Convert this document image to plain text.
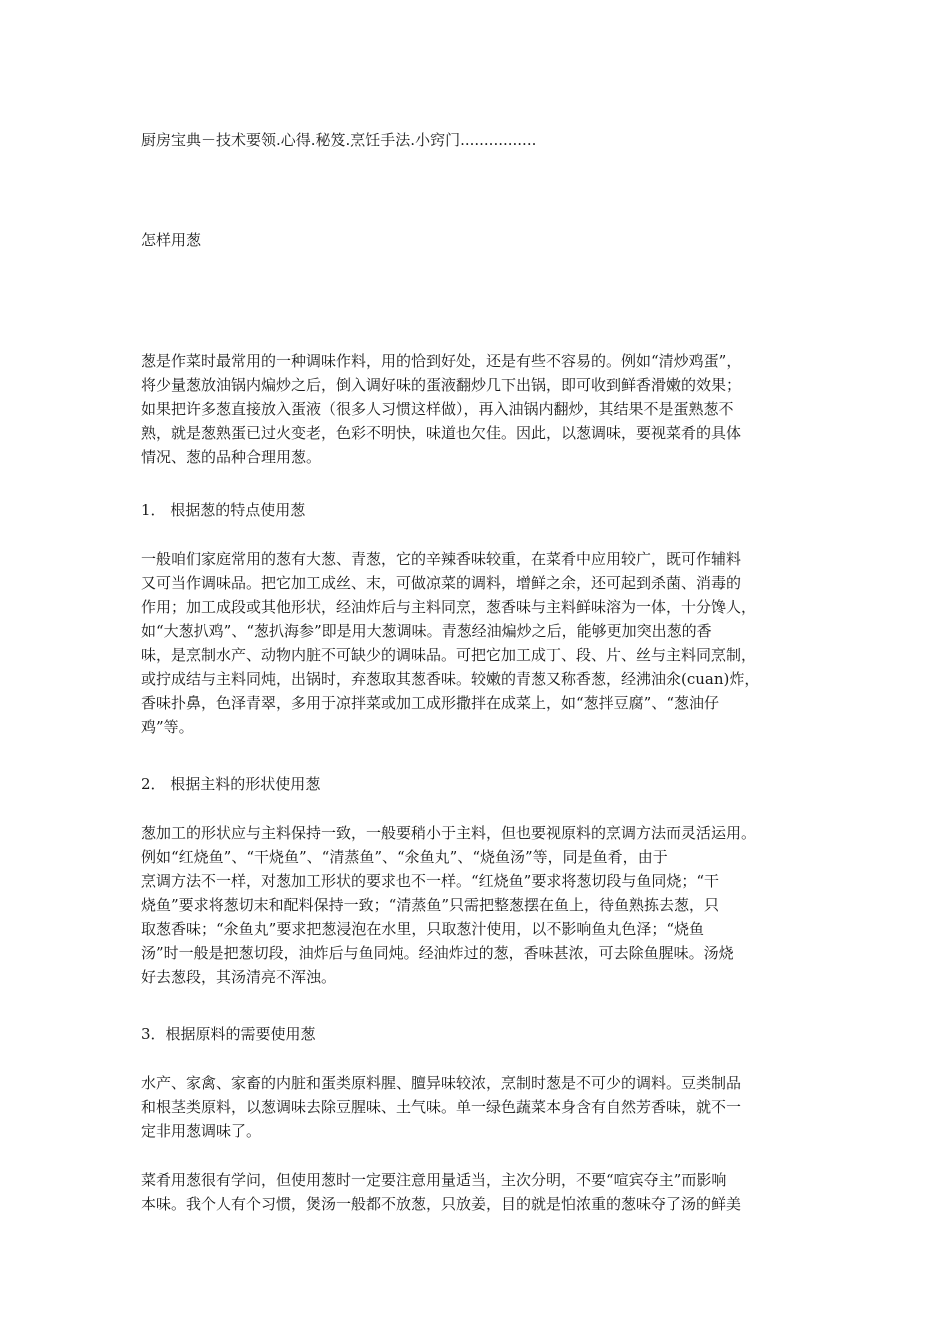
厨房宝典－技术要领.心得.秘笈.烹饪手法.小窍门................
怎样用葱
葱是作菜时最常用的一种调味作料，用的恰到好处，还是有些不容易的。例如“清炒鸡蛋”，
将少量葱放油锅内煸炒之后，倒入调好味的蛋液翻炒几下出锅，即可收到鲜香滑嫩的效果；
如果把许多葱直接放入蛋液（很多人习惯这样做），再入油锅内翻炒，其结果不是蛋熟葱不
熟，就是葱熟蛋已过火变老，色彩不明快，味道也欠佳。因此，以葱调味，要视菜肴的具体
情况、葱的品种合理用葱。
1． 根据葱的特点使用葱
一般咱们家庭常用的葱有大葱、青葱，它的辛辣香味较重，在菜肴中应用较广，既可作辅料
又可当作调味品。把它加工成丝、末，可做凉菜的调料，增鲜之余，还可起到杀菌、消毒的
作用；加工成段或其他形状，经油炸后与主料同烹，葱香味与主料鲜味溶为一体，十分馋人，
如“大葱扒鸡”、“葱扒海参”即是用大葱调味。青葱经油煸炒之后，能够更加突出葱的香
味，是烹制水产、动物内脏不可缺少的调味品。可把它加工成丁、段、片、丝与主料同烹制，
或拧成结与主料同炖，出锅时，弃葱取其葱香味。较嫩的青葱又称香葱，经沸油氽(cuan)炸，
香味扑鼻，色泽青翠，多用于凉拌菜或加工成形撒拌在成菜上，如“葱拌豆腐”、“葱油仔
鸡”等。
2． 根据主料的形状使用葱
葱加工的形状应与主料保持一致，一般要稍小于主料，但也要视原料的烹调方法而灵活运用。
例如“红烧鱼”、“干烧鱼”、“清蒸鱼”、“氽鱼丸”、“烧鱼汤”等，同是鱼肴，由于
烹调方法不一样，对葱加工形状的要求也不一样。“红烧鱼”要求将葱切段与鱼同烧；“干
烧鱼”要求将葱切末和配料保持一致；“清蒸鱼”只需把整葱摆在鱼上，待鱼熟拣去葱，只
取葱香味；“氽鱼丸”要求把葱浸泡在水里，只取葱汁使用，以不影响鱼丸色泽；“烧鱼
汤”时一般是把葱切段，油炸后与鱼同炖。经油炸过的葱，香味甚浓，可去除鱼腥味。汤烧
好去葱段，其汤清亮不浑浊。
3．根据原料的需要使用葱
水产、家禽、家畜的内脏和蛋类原料腥、膻异味较浓，烹制时葱是不可少的调料。豆类制品
和根茎类原料，以葱调味去除豆腥味、土气味。单一绿色蔬菜本身含有自然芳香味，就不一
定非用葱调味了。
菜肴用葱很有学问，但使用葱时一定要注意用量适当，主次分明，不要“喧宾夺主”而影响
本味。我个人有个习惯，煲汤一般都不放葱，只放姜，目的就是怕浓重的葱味夺了汤的鲜美
